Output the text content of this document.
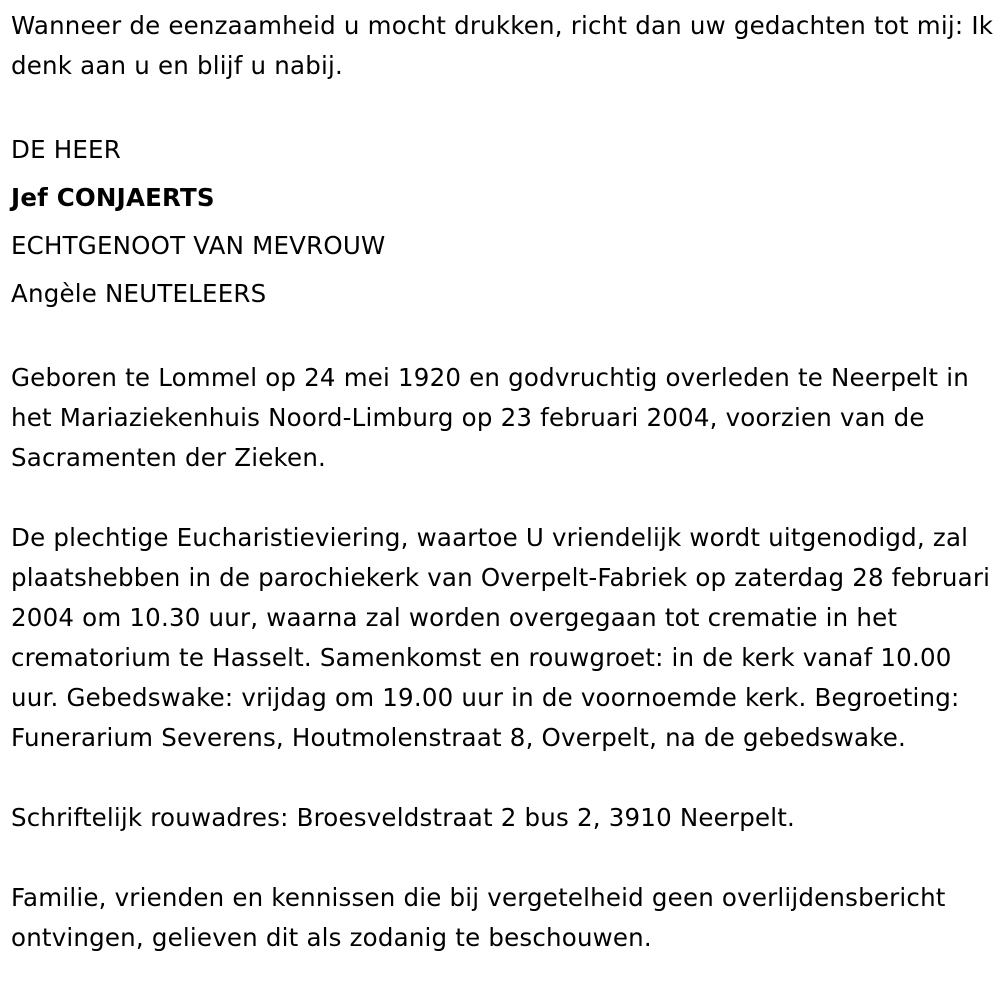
Wanneer de eenzaamheid u mocht drukken, richt dan uw gedachten tot mij: Ik denk aan u en blijf u nabij.

DE HEER

Jef CONJAERTS

ECHTGENOOT VAN MEVROUW

Angèle NEUTELEERS

Geboren te Lommel op 24 mei 1920 en godvruchtig overleden te Neerpelt in het Mariaziekenhuis Noord-Limburg op 23 februari 2004, voorzien van de Sacramenten der Zieken.

De plechtige Eucharistieviering, waartoe U vriendelijk wordt uitgenodigd, zal plaatshebben in de parochiekerk van Overpelt-Fabriek op zaterdag 28 februari 2004 om 10.30 uur, waarna zal worden overgegaan tot crematie in het crematorium te Hasselt. Samenkomst en rouwgroet: in de kerk vanaf 10.00 uur. Gebedswake: vrijdag om 19.00 uur in de voornoemde kerk. Begroeting: Funerarium Severens, Houtmolenstraat 8, Overpelt, na de gebedswake.

Schriftelijk rouwadres: Broesveldstraat 2 bus 2, 3910 Neerpelt.

Familie, vrienden en kennissen die bij vergetelheid geen overlijdensbericht ontvingen, gelieven dit als zodanig te beschouwen.
